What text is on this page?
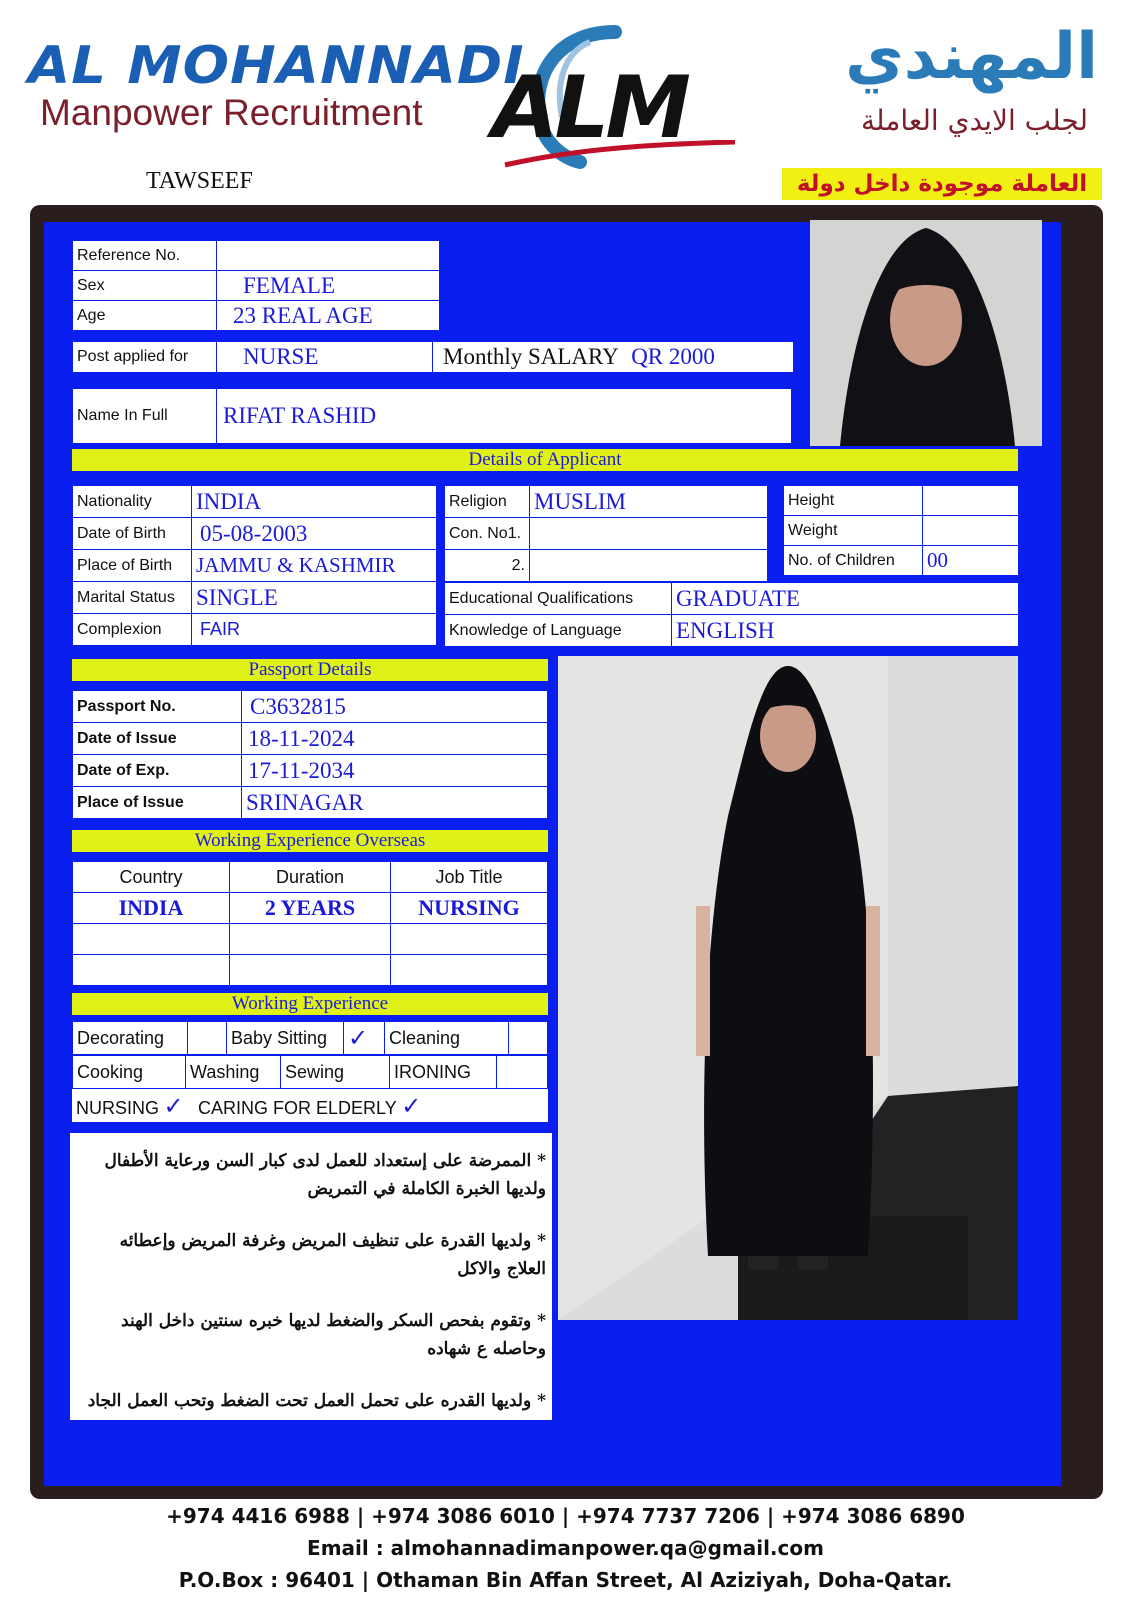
AL MOHANNADI
Manpower Recruitment ALM
المهندي
لجلب الايدي العاملة
TAWSEEF	العاملة موجودة داخل دولة
Reference No.	
Sex	FEMALE
Age	23 REAL AGE
Post applied for	NURSE	Monthly SALARY QR 2000
Name In Full	RIFAT RASHID
Details of Applicant
Nationality	INDIA
Date of Birth	05-08-2003
Place of Birth	JAMMU & KASHMIR
Marital Status	SINGLE
Complexion	FAIR
Religion	MUSLIM
Con. No1.	
2.	
Height	
Weight	
No. of Children	00
Educational Qualifications	GRADUATE
Knowledge of Language	ENGLISH
Passport Details
Passport No.	C3632815
Date of Issue	18-11-2024
Date of Exp.	17-11-2034
Place of Issue	SRINAGAR
Working Experience Overseas
Country	Duration	Job Title
INDIA	2 YEARS	NURSING

Working Experience
Decorating		Baby Sitting	✓	Cleaning	
Cooking	Washing	Sewing	IRONING	
NURSING ✓ CARING FOR ELDERLY ✓

* الممرضة على إستعداد للعمل لدى كبار السن ورعاية الأطفال ولديها الخبرة الكاملة في التمريض

* ولديها القدرة على تنظيف المريض وغرفة المريض وإعطائه العلاج والاكل

* وتقوم بفحص السكر والضغط لديها خبره سنتين داخل الهند وحاصله ع شهاده

* ولديها القدره على تحمل العمل تحت الضغط وتحب العمل الجاد

+974 4416 6988 | +974 3086 6010 | +974 7737 7206 | +974 3086 6890
Email : almohannadimanpower.qa@gmail.com
P.O.Box : 96401 | Othaman Bin Affan Street, Al Aziziyah, Doha-Qatar.
